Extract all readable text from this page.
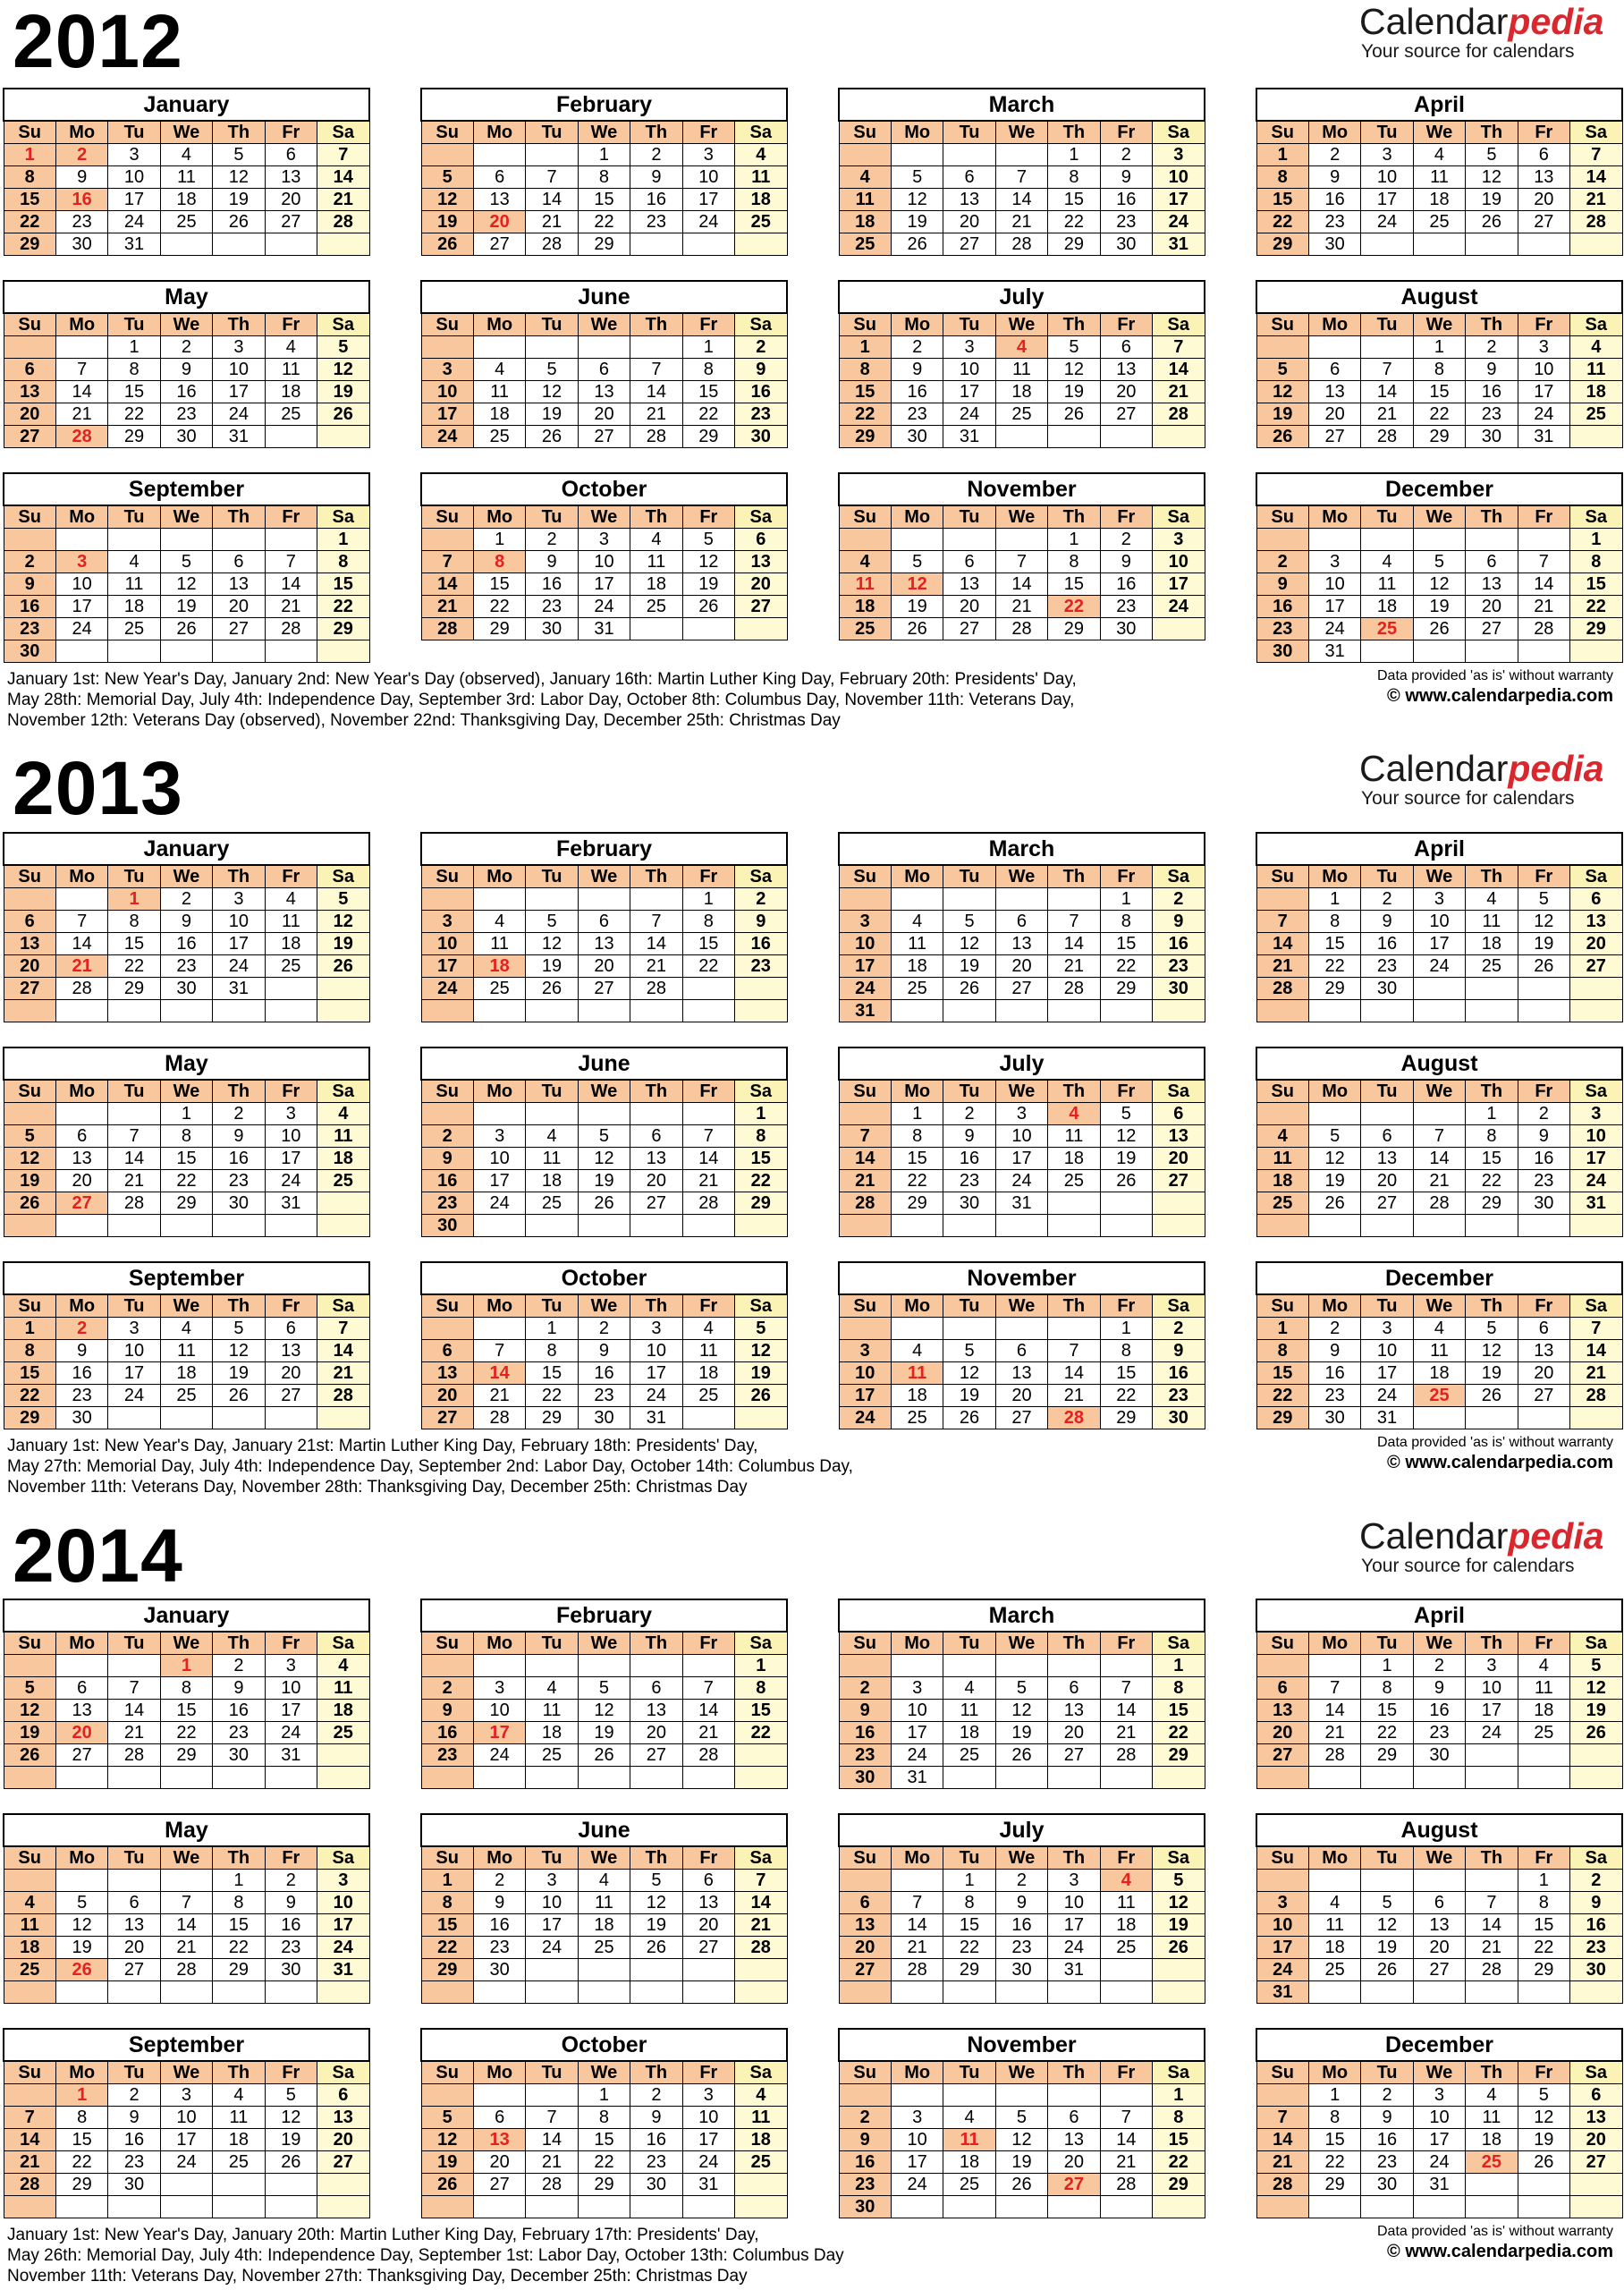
2012	Calendarpedia
Your source for calendars
January						
Su	Mo	Tu	We	Th	Fr	Sa
1	2	3	4	5	6	7
8	9	10	11	12	13	14
15	16	17	18	19	20	21
22	23	24	25	26	27	28
29	30	31				
February						
Su	Mo	Tu	We	Th	Fr	Sa
			1	2	3	4
5	6	7	8	9	10	11
12	13	14	15	16	17	18
19	20	21	22	23	24	25
26	27	28	29			
March						
Su	Mo	Tu	We	Th	Fr	Sa
				1	2	3
4	5	6	7	8	9	10
11	12	13	14	15	16	17
18	19	20	21	22	23	24
25	26	27	28	29	30	31
April						
Su	Mo	Tu	We	Th	Fr	Sa
1	2	3	4	5	6	7
8	9	10	11	12	13	14
15	16	17	18	19	20	21
22	23	24	25	26	27	28
29	30					
May						
Su	Mo	Tu	We	Th	Fr	Sa
		1	2	3	4	5
6	7	8	9	10	11	12
13	14	15	16	17	18	19
20	21	22	23	24	25	26
27	28	29	30	31		
June						
Su	Mo	Tu	We	Th	Fr	Sa
					1	2
3	4	5	6	7	8	9
10	11	12	13	14	15	16
17	18	19	20	21	22	23
24	25	26	27	28	29	30
July						
Su	Mo	Tu	We	Th	Fr	Sa
1	2	3	4	5	6	7
8	9	10	11	12	13	14
15	16	17	18	19	20	21
22	23	24	25	26	27	28
29	30	31				
August						
Su	Mo	Tu	We	Th	Fr	Sa
			1	2	3	4
5	6	7	8	9	10	11
12	13	14	15	16	17	18
19	20	21	22	23	24	25
26	27	28	29	30	31	
September						
Su	Mo	Tu	We	Th	Fr	Sa
						1
2	3	4	5	6	7	8
9	10	11	12	13	14	15
16	17	18	19	20	21	22
23	24	25	26	27	28	29
30						
October						
Su	Mo	Tu	We	Th	Fr	Sa
	1	2	3	4	5	6
7	8	9	10	11	12	13
14	15	16	17	18	19	20
21	22	23	24	25	26	27
28	29	30	31			
November						
Su	Mo	Tu	We	Th	Fr	Sa
				1	2	3
4	5	6	7	8	9	10
11	12	13	14	15	16	17
18	19	20	21	22	23	24
25	26	27	28	29	30	
December						
Su	Mo	Tu	We	Th	Fr	Sa
						1
2	3	4	5	6	7	8
9	10	11	12	13	14	15
16	17	18	19	20	21	22
23	24	25	26	27	28	29
30	31					
January 1st: New Year's Day, January 2nd: New Year's Day (observed), January 16th: Martin Luther King Day, February 20th: Presidents' Day,
May 28th: Memorial Day, July 4th: Independence Day, September 3rd: Labor Day, October 8th: Columbus Day, November 11th: Veterans Day,
November 12th: Veterans Day (observed), November 22nd: Thanksgiving Day, December 25th: Christmas Day
Data provided 'as is' without warranty
© www.calendarpedia.com
2013	Calendarpedia
Your source for calendars
January						
Su	Mo	Tu	We	Th	Fr	Sa
		1	2	3	4	5
6	7	8	9	10	11	12
13	14	15	16	17	18	19
20	21	22	23	24	25	26
27	28	29	30	31		

February						
Su	Mo	Tu	We	Th	Fr	Sa
					1	2
3	4	5	6	7	8	9
10	11	12	13	14	15	16
17	18	19	20	21	22	23
24	25	26	27	28		

March						
Su	Mo	Tu	We	Th	Fr	Sa
					1	2
3	4	5	6	7	8	9
10	11	12	13	14	15	16
17	18	19	20	21	22	23
24	25	26	27	28	29	30
31						
April						
Su	Mo	Tu	We	Th	Fr	Sa
	1	2	3	4	5	6
7	8	9	10	11	12	13
14	15	16	17	18	19	20
21	22	23	24	25	26	27
28	29	30				

May						
Su	Mo	Tu	We	Th	Fr	Sa
			1	2	3	4
5	6	7	8	9	10	11
12	13	14	15	16	17	18
19	20	21	22	23	24	25
26	27	28	29	30	31	

June						
Su	Mo	Tu	We	Th	Fr	Sa
						1
2	3	4	5	6	7	8
9	10	11	12	13	14	15
16	17	18	19	20	21	22
23	24	25	26	27	28	29
30						
July						
Su	Mo	Tu	We	Th	Fr	Sa
	1	2	3	4	5	6
7	8	9	10	11	12	13
14	15	16	17	18	19	20
21	22	23	24	25	26	27
28	29	30	31			

August						
Su	Mo	Tu	We	Th	Fr	Sa
				1	2	3
4	5	6	7	8	9	10
11	12	13	14	15	16	17
18	19	20	21	22	23	24
25	26	27	28	29	30	31

September						
Su	Mo	Tu	We	Th	Fr	Sa
1	2	3	4	5	6	7
8	9	10	11	12	13	14
15	16	17	18	19	20	21
22	23	24	25	26	27	28
29	30					
October						
Su	Mo	Tu	We	Th	Fr	Sa
		1	2	3	4	5
6	7	8	9	10	11	12
13	14	15	16	17	18	19
20	21	22	23	24	25	26
27	28	29	30	31		
November						
Su	Mo	Tu	We	Th	Fr	Sa
					1	2
3	4	5	6	7	8	9
10	11	12	13	14	15	16
17	18	19	20	21	22	23
24	25	26	27	28	29	30
December						
Su	Mo	Tu	We	Th	Fr	Sa
1	2	3	4	5	6	7
8	9	10	11	12	13	14
15	16	17	18	19	20	21
22	23	24	25	26	27	28
29	30	31				
January 1st: New Year's Day, January 21st: Martin Luther King Day, February 18th: Presidents' Day,
May 27th: Memorial Day, July 4th: Independence Day, September 2nd: Labor Day, October 14th: Columbus Day,
November 11th: Veterans Day, November 28th: Thanksgiving Day, December 25th: Christmas Day
Data provided 'as is' without warranty
© www.calendarpedia.com
2014	Calendarpedia
Your source for calendars
January						
Su	Mo	Tu	We	Th	Fr	Sa
			1	2	3	4
5	6	7	8	9	10	11
12	13	14	15	16	17	18
19	20	21	22	23	24	25
26	27	28	29	30	31	

February						
Su	Mo	Tu	We	Th	Fr	Sa
						1
2	3	4	5	6	7	8
9	10	11	12	13	14	15
16	17	18	19	20	21	22
23	24	25	26	27	28	

March						
Su	Mo	Tu	We	Th	Fr	Sa
						1
2	3	4	5	6	7	8
9	10	11	12	13	14	15
16	17	18	19	20	21	22
23	24	25	26	27	28	29
30	31					
April						
Su	Mo	Tu	We	Th	Fr	Sa
		1	2	3	4	5
6	7	8	9	10	11	12
13	14	15	16	17	18	19
20	21	22	23	24	25	26
27	28	29	30			

May						
Su	Mo	Tu	We	Th	Fr	Sa
				1	2	3
4	5	6	7	8	9	10
11	12	13	14	15	16	17
18	19	20	21	22	23	24
25	26	27	28	29	30	31

June						
Su	Mo	Tu	We	Th	Fr	Sa
1	2	3	4	5	6	7
8	9	10	11	12	13	14
15	16	17	18	19	20	21
22	23	24	25	26	27	28
29	30					

July						
Su	Mo	Tu	We	Th	Fr	Sa
		1	2	3	4	5
6	7	8	9	10	11	12
13	14	15	16	17	18	19
20	21	22	23	24	25	26
27	28	29	30	31		

August						
Su	Mo	Tu	We	Th	Fr	Sa
					1	2
3	4	5	6	7	8	9
10	11	12	13	14	15	16
17	18	19	20	21	22	23
24	25	26	27	28	29	30
31						
September						
Su	Mo	Tu	We	Th	Fr	Sa
	1	2	3	4	5	6
7	8	9	10	11	12	13
14	15	16	17	18	19	20
21	22	23	24	25	26	27
28	29	30				

October						
Su	Mo	Tu	We	Th	Fr	Sa
			1	2	3	4
5	6	7	8	9	10	11
12	13	14	15	16	17	18
19	20	21	22	23	24	25
26	27	28	29	30	31	

November						
Su	Mo	Tu	We	Th	Fr	Sa
						1
2	3	4	5	6	7	8
9	10	11	12	13	14	15
16	17	18	19	20	21	22
23	24	25	26	27	28	29
30						
December						
Su	Mo	Tu	We	Th	Fr	Sa
	1	2	3	4	5	6
7	8	9	10	11	12	13
14	15	16	17	18	19	20
21	22	23	24	25	26	27
28	29	30	31			

January 1st: New Year's Day, January 20th: Martin Luther King Day, February 17th: Presidents' Day,
May 26th: Memorial Day, July 4th: Independence Day, September 1st: Labor Day, October 13th: Columbus Day
November 11th: Veterans Day, November 27th: Thanksgiving Day, December 25th: Christmas Day
Data provided 'as is' without warranty
© www.calendarpedia.com
